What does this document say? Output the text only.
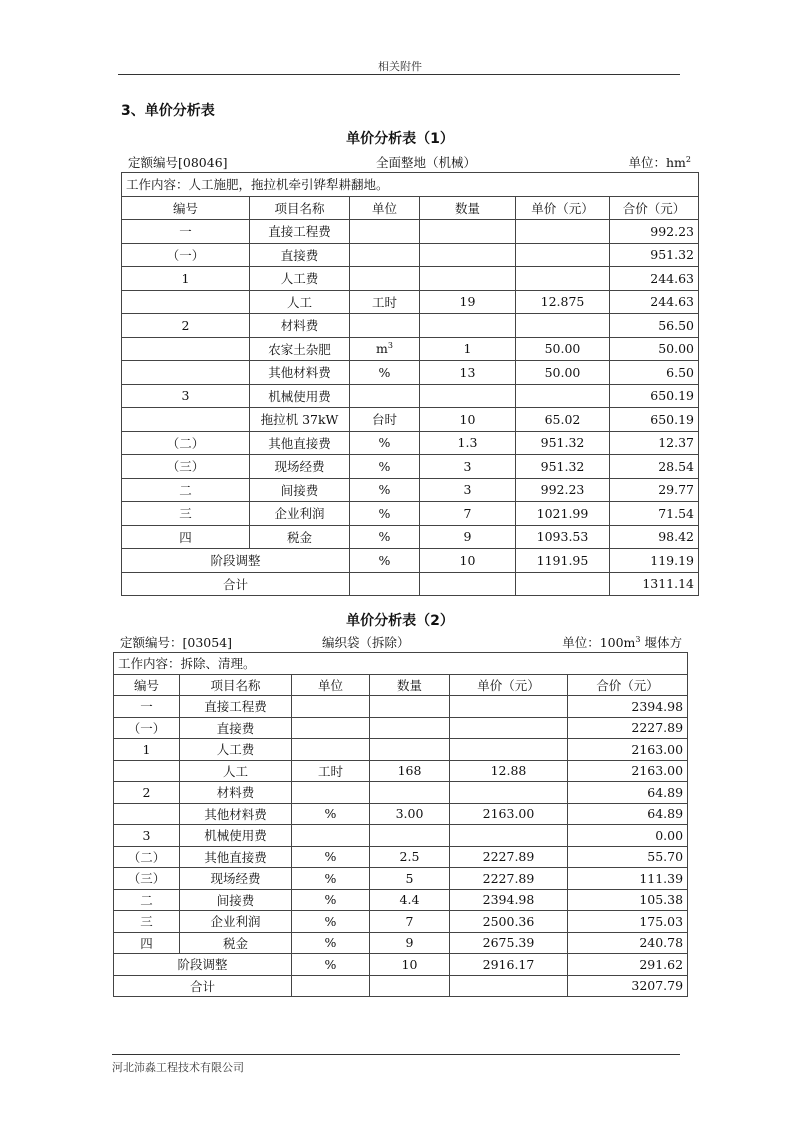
相关附件
3、单价分析表
单价分析表（1）
定额编号[08046]	全面整地（机械）	单位：$hm^2$
工作内容：人工施肥，拖拉机牵引铧犁耕翻地。					
编号	项目名称	单位	数量	单价（元）	合价（元）
一	直接工程费				992.23
（一）	直接费				951.32
1	人工费				244.63
	人工	工时	19	12.875	244.63
2	材料费				56.50
	农家土杂肥	$m^3$	1	50.00	50.00
	其他材料费	%	13	50.00	6.50
3	机械使用费				650.19
	拖拉机 37kW	台时	10	65.02	650.19
（二）	其他直接费	%	1.3	951.32	12.37
（三）	现场经费	%	3	951.32	28.54
二	间接费	%	3	992.23	29.77
三	企业利润	%	7	1021.99	71.54
四	税金	%	9	1093.53	98.42
阶段调整		%	10	1191.95	119.19
合计					1311.14
单价分析表（2）
定额编号：[03054]	编织袋（拆除）	单位：$100m^3$ 堰体方
工作内容：拆除、清理。					
编号	项目名称	单位	数量	单价（元）	合价（元）
一	直接工程费				2394.98
（一）	直接费				2227.89
1	人工费				2163.00
	人工	工时	168	12.88	2163.00
2	材料费				64.89
	其他材料费	%	3.00	2163.00	64.89
3	机械使用费				0.00
（二）	其他直接费	%	2.5	2227.89	55.70
（三）	现场经费	%	5	2227.89	111.39
二	间接费	%	4.4	2394.98	105.38
三	企业利润	%	7	2500.36	175.03
四	税金	%	9	2675.39	240.78
阶段调整		%	10	2916.17	291.62
合计					3207.79
河北沛淼工程技术有限公司
